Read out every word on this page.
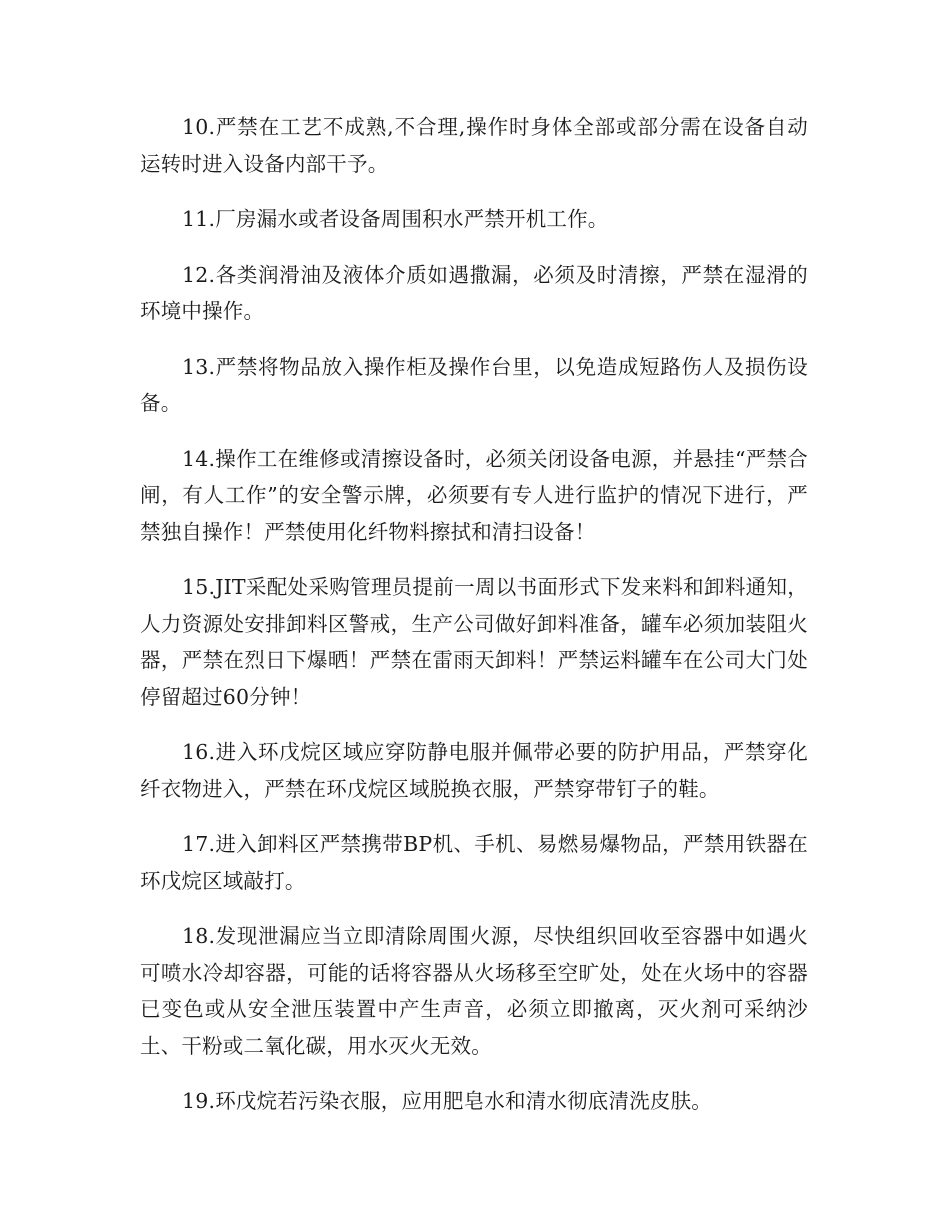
10.严禁在工艺不成熟,不合理,操作时身体全部或部分需在设备自动运转时进入设备内部干予。

11.厂房漏水或者设备周围积水严禁开机工作。

12.各类润滑油及液体介质如遇撒漏，必须及时清擦，严禁在湿滑的环境中操作。

13.严禁将物品放入操作柜及操作台里，以免造成短路伤人及损伤设备。

14.操作工在维修或清擦设备时，必须关闭设备电源，并悬挂“严禁合闸，有人工作”的安全警示牌，必须要有专人进行监护的情况下进行，严禁独自操作！严禁使用化纤物料擦拭和清扫设备！

15.JIT采配处采购管理员提前一周以书面形式下发来料和卸料通知，人力资源处安排卸料区警戒，生产公司做好卸料准备，罐车必须加装阻火器，严禁在烈日下爆晒！严禁在雷雨天卸料！严禁运料罐车在公司大门处停留超过60分钟！

16.进入环戊烷区域应穿防静电服并佩带必要的防护用品，严禁穿化纤衣物进入，严禁在环戊烷区域脱换衣服，严禁穿带钉子的鞋。

17.进入卸料区严禁携带BP机、手机、易燃易爆物品，严禁用铁器在环戊烷区域敲打。

18.发现泄漏应当立即清除周围火源，尽快组织回收至容器中如遇火可喷水冷却容器，可能的话将容器从火场移至空旷处，处在火场中的容器已变色或从安全泄压装置中产生声音，必须立即撤离，灭火剂可采纳沙土、干粉或二氧化碳，用水灭火无效。

19.环戊烷若污染衣服，应用肥皂水和清水彻底清洗皮肤。
